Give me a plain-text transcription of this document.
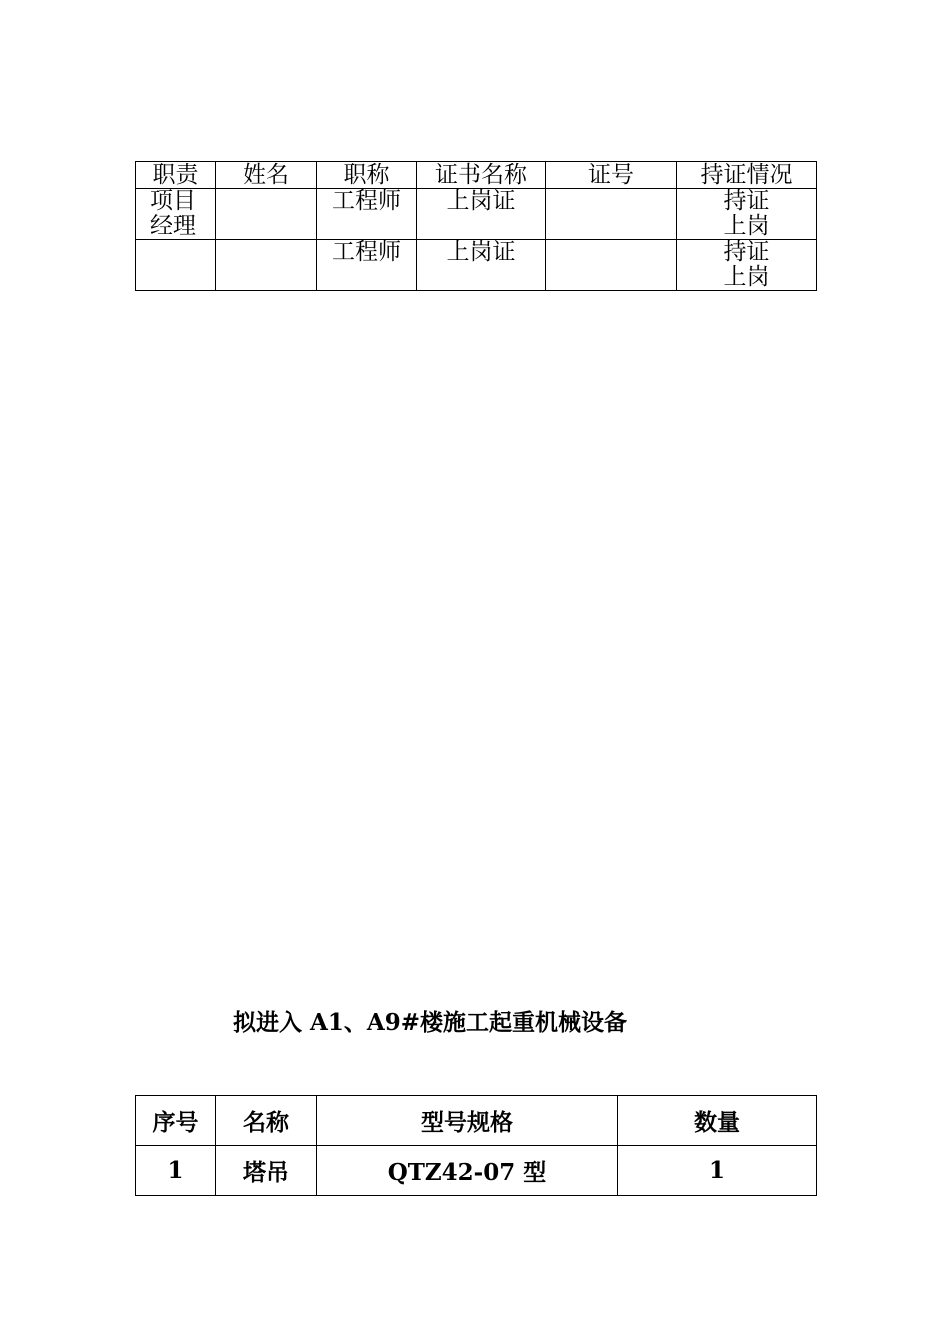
职责	姓名	职称	证书名称	证号	持证情况

项目
经理		工程师	上岗证		持证
上岗

		工程师	上岗证		持证
上岗
拟进入 A1、A9#楼施工起重机械设备
序号	名称	型号规格	数量
1	塔吊	QTZ42-07 型	1
